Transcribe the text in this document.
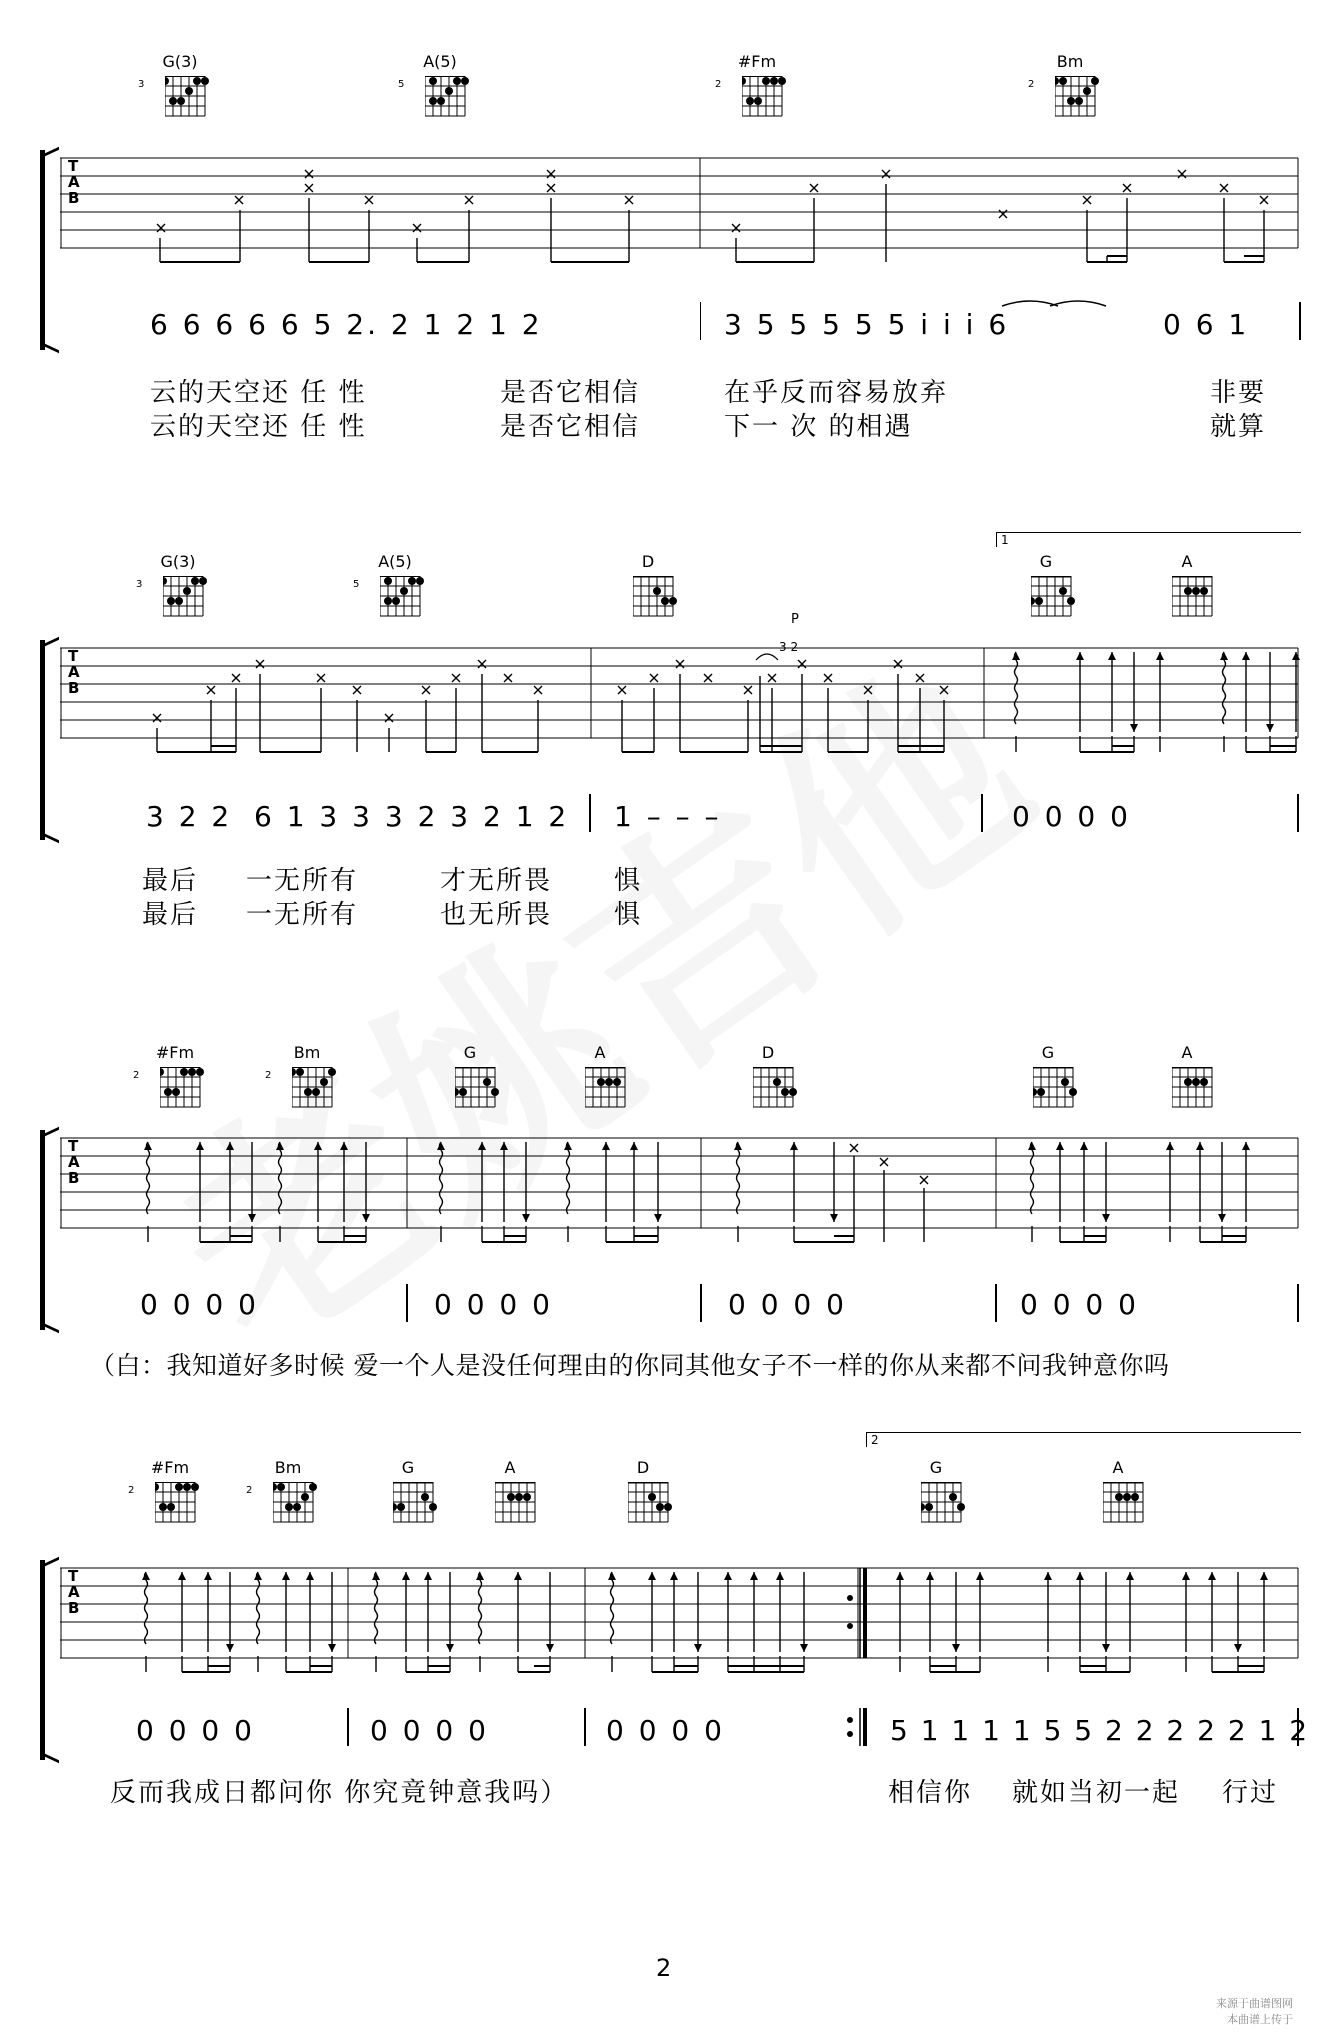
G(3)
3
A(5)
5
#Fm
2
Bm
2
T
A
B
6 6 6 6 6 5 2. 2 1 2 1 2	3 5 5 5 5 5 i i i 6	0 6 1
云的天空还 任 性	是否它相信	在乎反而容易放弃	非要
云的天空还 任 性	是否它相信	下一 次 的相遇	就算
1
G(3)
3
A(5)
5
D	G	A
P
3 2
T
A
B
3 2 2 6 1 3 3 3 2 3 2 1 2 1 – – –	0 0 0 0
最后 一无所有	才无所畏 惧
最后 一无所有	也无所畏 惧
#Fm
2
Bm
2
G	A	D	G	A
T
A
B
0 0 0 0	0 0 0 0	0 0 0 0	0 0 0 0
（白：我知道好多时候 爱一个人是没任何理由的你同其他女子不一样的你从来都不问我钟意你吗
2
#Fm
2
Bm
2
G	A	D	G	A
T
A
B
0 0 0 0	0 0 0 0	0 0 0 0	5 1 1 1 1 5 5 2 2 2 2 2 1 2
反而我成日都问你 你究竟钟意我吗）	相信你 就如当初一起 行过
2
来源于曲谱图网
本曲谱上传于
